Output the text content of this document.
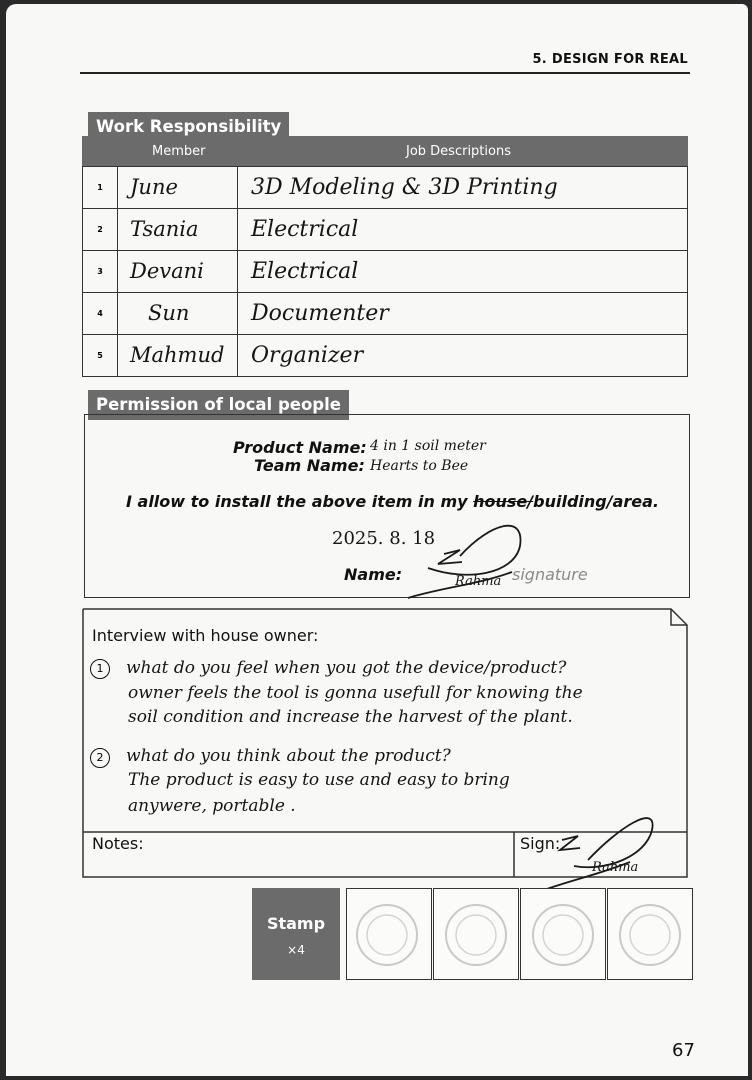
5. DESIGN FOR REAL
Work Responsibility
Member	Job Descriptions
1	June	3D Modeling & 3D Printing
2	Tsania	Electrical
3	Devani	Electrical
4	Sun	Documenter
5	Mahmud	Organizer
Permission of local people
Product Name: 4 in 1 soil meter
Team Name: Hearts to Bee
I allow to install the above item in my house/building/area.
2025. 8. 18
Name:	signature
Rahma
Interview with house owner:
1	what do you feel when you got the device/product?
owner feels the tool is gonna usefull for knowing the
soil condition and increase the harvest of the plant.
2	what do you think about the product?
The product is easy to use and easy to bring
anywere, portable .
Notes:	Sign:
Rahma
Stamp
×4
67
